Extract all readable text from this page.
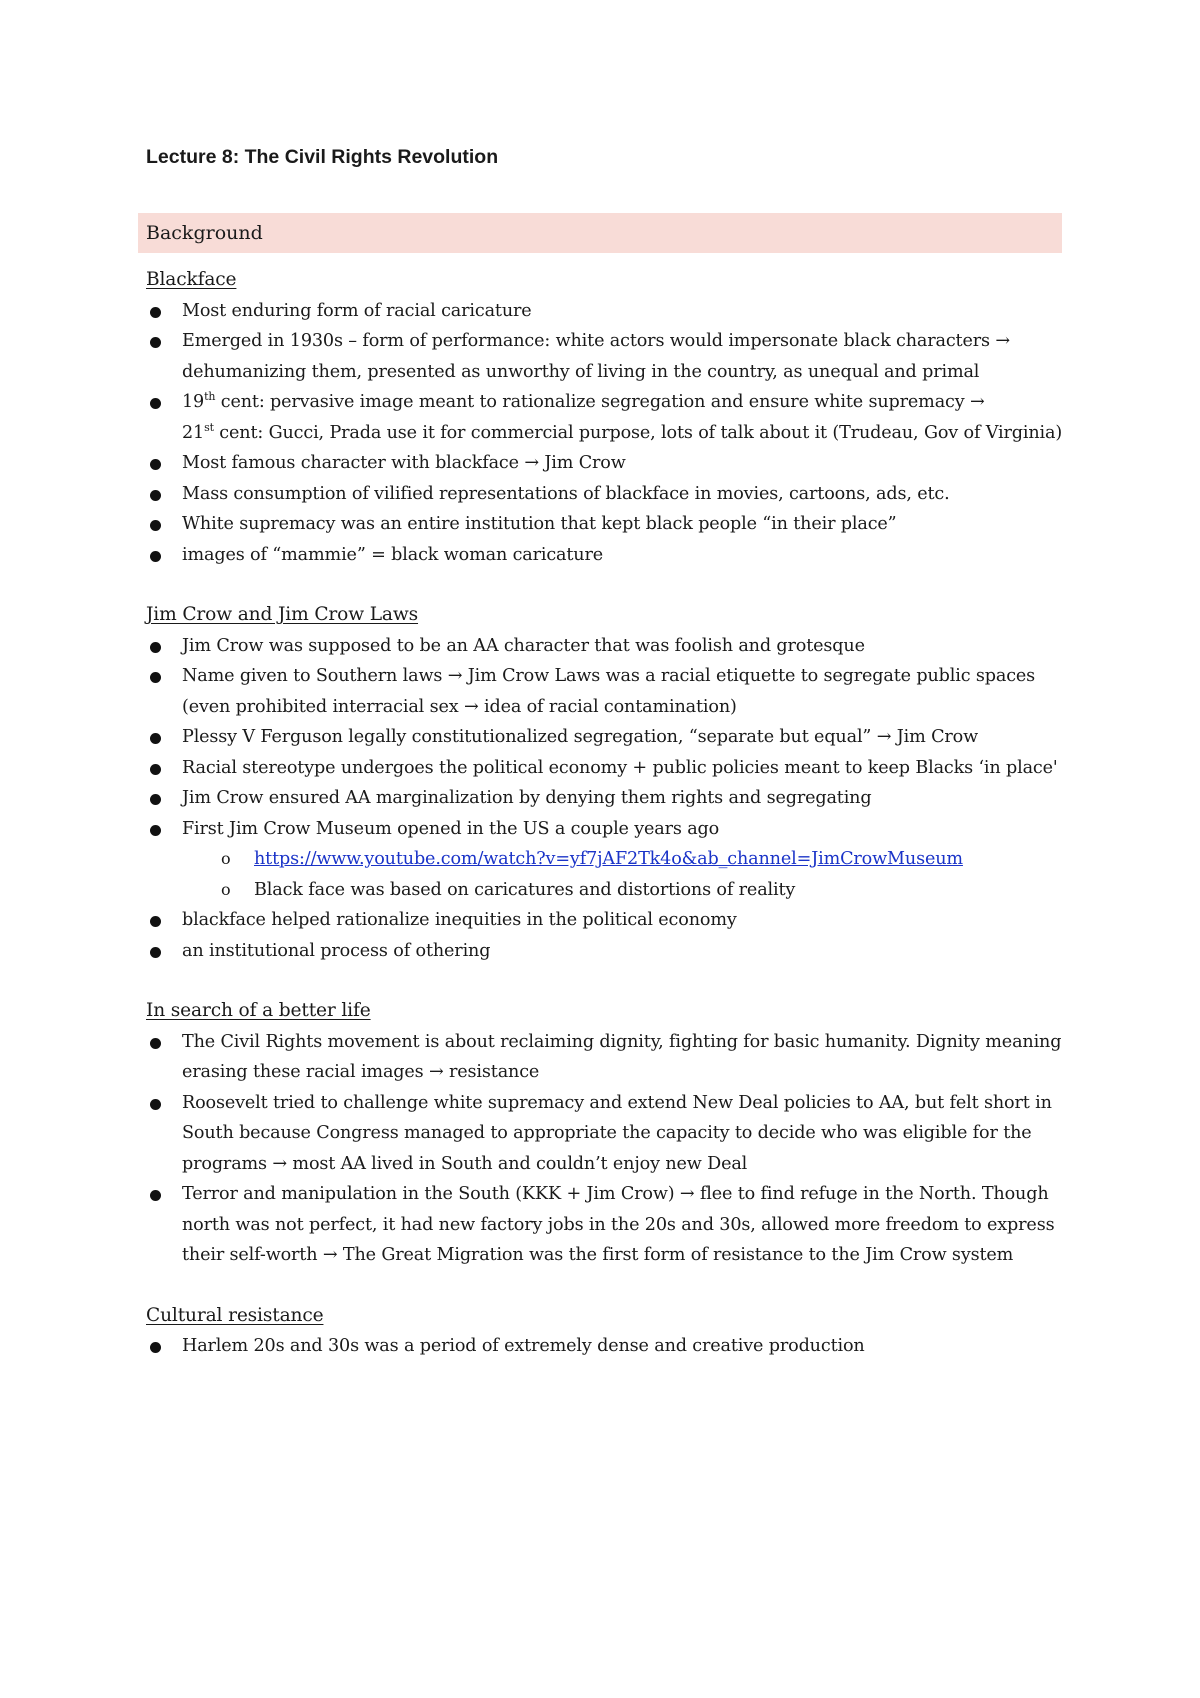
Lecture 8: The Civil Rights Revolution
Background
Blackface
Most enduring form of racial caricature
Emerged in 1930s – form of performance: white actors would impersonate black characters → dehumanizing them, presented as unworthy of living in the country, as unequal and primal
19th cent: pervasive image meant to rationalize segregation and ensure white supremacy →
21st cent: Gucci, Prada use it for commercial purpose, lots of talk about it (Trudeau, Gov of Virginia)
Most famous character with blackface → Jim Crow
Mass consumption of vilified representations of blackface in movies, cartoons, ads, etc.
White supremacy was an entire institution that kept black people “in their place”
images of “mammie” = black woman caricature
Jim Crow and Jim Crow Laws
Jim Crow was supposed to be an AA character that was foolish and grotesque
Name given to Southern laws → Jim Crow Laws was a racial etiquette to segregate public spaces (even prohibited interracial sex → idea of racial contamination)
Plessy V Ferguson legally constitutionalized segregation, “separate but equal” → Jim Crow
Racial stereotype undergoes the political economy + public policies meant to keep Blacks ‘in place'
Jim Crow ensured AA marginalization by denying them rights and segregating
First Jim Crow Museum opened in the US a couple years ago
o https://www.youtube.com/watch?v=yf7jAF2Tk4o&ab_channel=JimCrowMuseum
o Black face was based on caricatures and distortions of reality
blackface helped rationalize inequities in the political economy
an institutional process of othering
In search of a better life
The Civil Rights movement is about reclaiming dignity, fighting for basic humanity. Dignity meaning erasing these racial images → resistance
Roosevelt tried to challenge white supremacy and extend New Deal policies to AA, but felt short in South because Congress managed to appropriate the capacity to decide who was eligible for the programs → most AA lived in South and couldn’t enjoy new Deal
Terror and manipulation in the South (KKK + Jim Crow) → flee to find refuge in the North. Though north was not perfect, it had new factory jobs in the 20s and 30s, allowed more freedom to express their self-worth → The Great Migration was the first form of resistance to the Jim Crow system
Cultural resistance
Harlem 20s and 30s was a period of extremely dense and creative production
